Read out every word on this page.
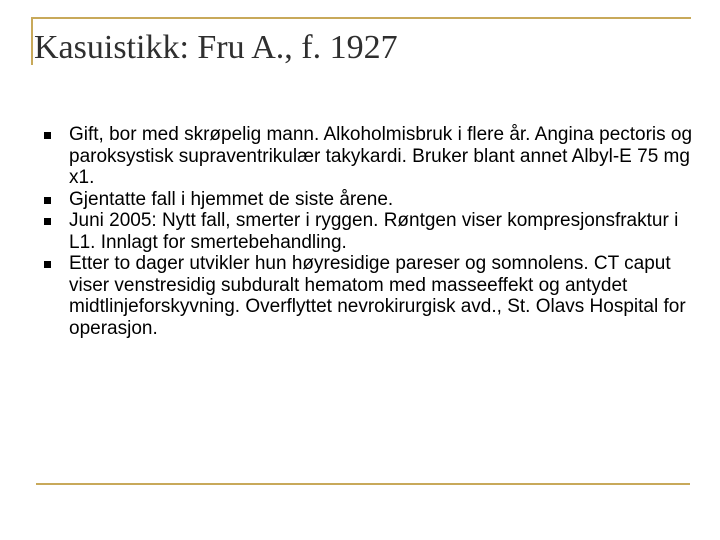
Kasuistikk: Fru A., f. 1927
Gift, bor med skrøpelig mann. Alkoholmisbruk i flere år. Angina pectoris og paroksystisk supraventrikulær takykardi. Bruker blant annet Albyl-E 75 mg x1.
Gjentatte fall i hjemmet de siste årene.
Juni 2005: Nytt fall, smerter i ryggen. Røntgen viser kompresjonsfraktur i L1. Innlagt for smertebehandling.
Etter to dager utvikler hun høyresidige pareser og somnolens. CT caput viser venstresidig subduralt hematom med masseeffekt og antydet midtlinjeforskyvning. Overflyttet nevrokirurgisk avd., St. Olavs Hospital for operasjon.
